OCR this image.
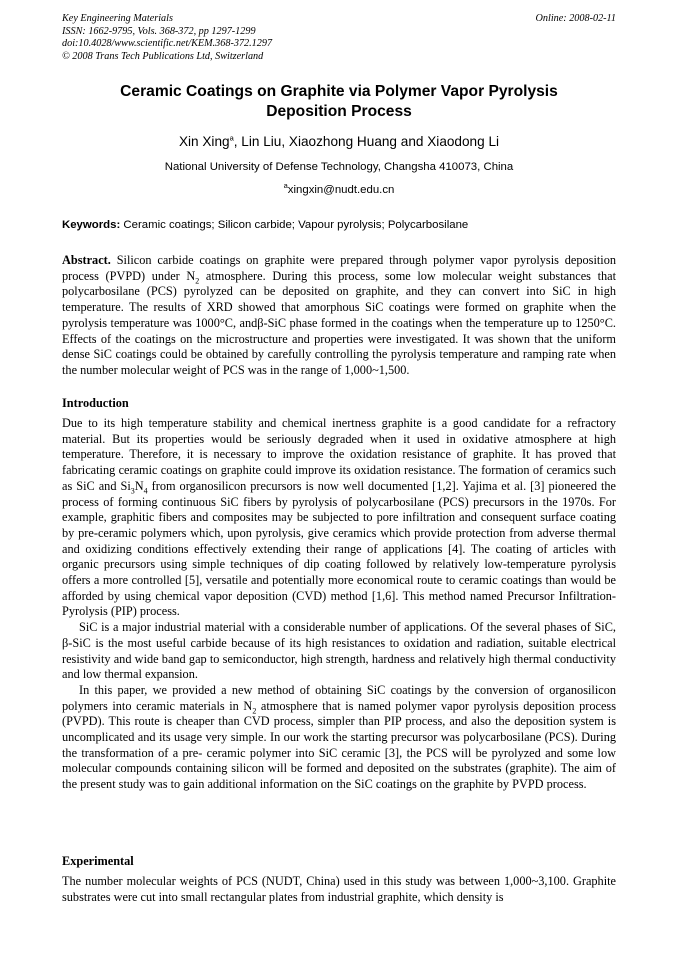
Key Engineering Materials
ISSN: 1662-9795, Vols. 368-372, pp 1297-1299
doi:10.4028/www.scientific.net/KEM.368-372.1297
© 2008 Trans Tech Publications Ltd, Switzerland
Online: 2008-02-11
Ceramic Coatings on Graphite via Polymer Vapor Pyrolysis
Deposition Process
Xin Xing$^a$, Lin Liu, Xiaozhong Huang and Xiaodong Li
National University of Defense Technology, Changsha 410073, China
$^a$xingxin@nudt.edu.cn
Keywords: Ceramic coatings; Silicon carbide; Vapour pyrolysis; Polycarbosilane
Abstract. Silicon carbide coatings on graphite were prepared through polymer vapor pyrolysis deposition process (PVPD) under $N_2$ atmosphere. During this process, some low molecular weight substances that polycarbosilane (PCS) pyrolyzed can be deposited on graphite, and they can convert into SiC in high temperature. The results of XRD showed that amorphous SiC coatings were formed on graphite when the pyrolysis temperature was 1000°C, andβ-SiC phase formed in the coatings when the temperature up to 1250°C. Effects of the coatings on the microstructure and properties were investigated. It was shown that the uniform dense SiC coatings could be obtained by carefully controlling the pyrolysis temperature and ramping rate when the number molecular weight of PCS was in the range of 1,000~1,500.
Introduction

Due to its high temperature stability and chemical inertness graphite is a good candidate for a refractory material. But its properties would be seriously degraded when it used in oxidative atmosphere at high temperature. Therefore, it is necessary to improve the oxidation resistance of graphite. It has proved that fabricating ceramic coatings on graphite could improve its oxidation resistance. The formation of ceramics such as SiC and $Si_3N_4$ from organosilicon precursors is now well documented [1,2]. Yajima et al. [3] pioneered the process of forming continuous SiC fibers by pyrolysis of polycarbosilane (PCS) precursors in the 1970s. For example, graphitic fibers and composites may be subjected to pore infiltration and consequent surface coating by pre-ceramic polymers which, upon pyrolysis, give ceramics which provide protection from adverse thermal and oxidizing conditions effectively extending their range of applications [4]. The coating of articles with organic precursors using simple techniques of dip coating followed by relatively low-temperature pyrolysis offers a more controlled [5], versatile and potentially more economical route to ceramic coatings than would be afforded by using chemical vapor deposition (CVD) method [1,6]. This method named Precursor Infiltration-Pyrolysis (PIP) process.

SiC is a major industrial material with a considerable number of applications. Of the several phases of SiC, β-SiC is the most useful carbide because of its high resistances to oxidation and radiation, suitable electrical resistivity and wide band gap to semiconductor, high strength, hardness and relatively high thermal conductivity and low thermal expansion.

In this paper, we provided a new method of obtaining SiC coatings by the conversion of organosilicon polymers into ceramic materials in $N_2$ atmosphere that is named polymer vapor pyrolysis deposition process (PVPD). This route is cheaper than CVD process, simpler than PIP process, and also the deposition system is uncomplicated and its usage very simple. In our work the starting precursor was polycarbosilane (PCS). During the transformation of a pre- ceramic polymer into SiC ceramic [3], the PCS will be pyrolyzed and some low molecular compounds containing silicon will be formed and deposited on the substrates (graphite). The aim of the present study was to gain additional information on the SiC coatings on the graphite by PVPD process.

Experimental
The number molecular weights of PCS (NUDT, China) used in this study was between 1,000~3,100. Graphite substrates were cut into small rectangular plates from industrial graphite, which density is
